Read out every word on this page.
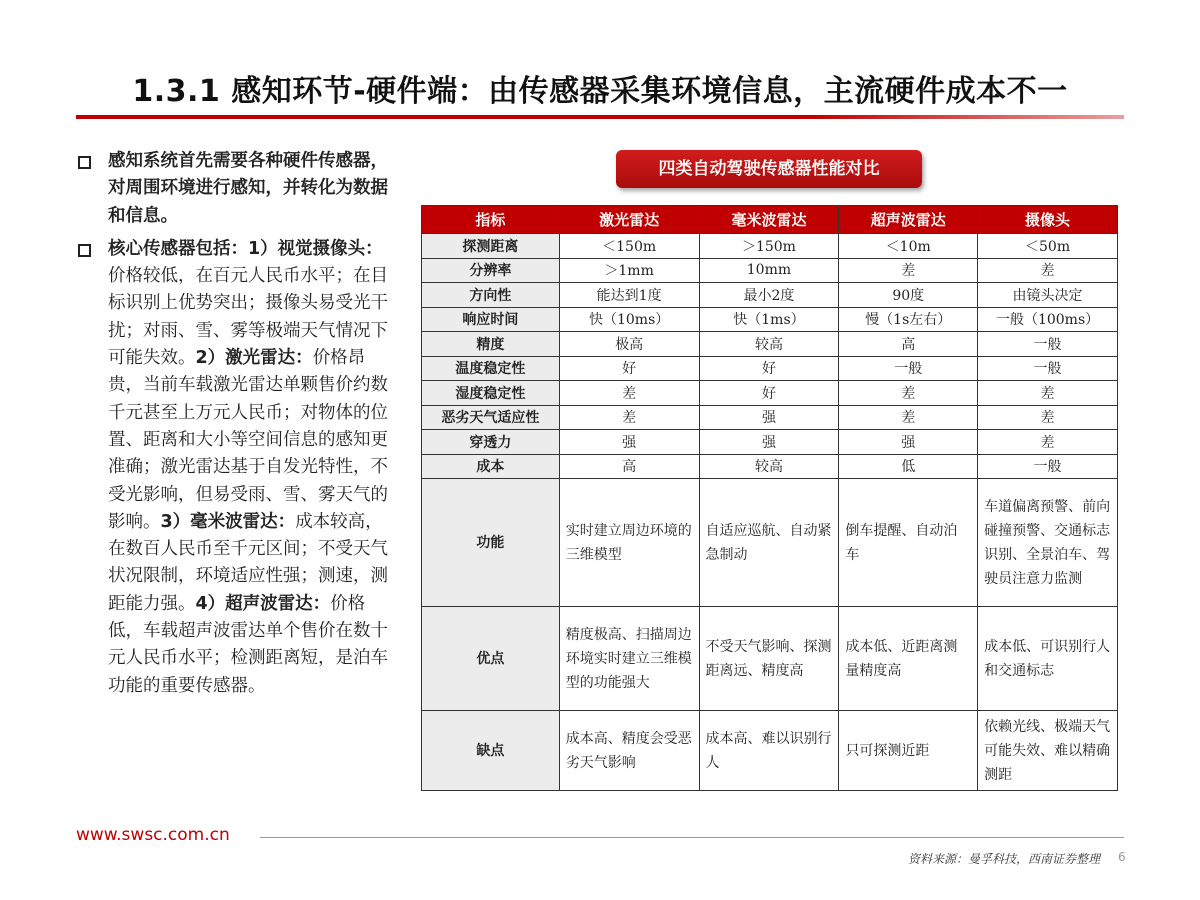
1.3.1 感知环节-硬件端：由传感器采集环境信息，主流硬件成本不一
感知系统首先需要各种硬件传感器，对周围环境进行感知，并转化为数据和信息。
核心传感器包括：1）视觉摄像头：价格较低，在百元人民币水平；在目标识别上优势突出；摄像头易受光干扰；对雨、雪、雾等极端天气情况下可能失效。2）激光雷达：价格昂贵，当前车载激光雷达单颗售价约数千元甚至上万元人民币；对物体的位置、距离和大小等空间信息的感知更准确；激光雷达基于自发光特性，不受光影响，但易受雨、雪、雾天气的影响。3）毫米波雷达：成本较高，在数百人民币至千元区间；不受天气状况限制，环境适应性强；测速，测距能力强。4）超声波雷达：价格低，车载超声波雷达单个售价在数十元人民币水平；检测距离短，是泊车功能的重要传感器。
四类自动驾驶传感器性能对比
指标	激光雷达	毫米波雷达	超声波雷达	摄像头
探测距离	＜150m	＞150m	＜10m	＜50m
分辨率	＞1mm	10mm	差	差
方向性	能达到1度	最小2度	90度	由镜头决定
响应时间	快（10ms）	快（1ms）	慢（1s左右）	一般（100ms）
精度	极高	较高	高	一般
温度稳定性	好	好	一般	一般
湿度稳定性	差	好	差	差
恶劣天气适应性	差	强	差	差
穿透力	强	强	强	差
成本	高	较高	低	一般
功能	实时建立周边环境的三维模型	自适应巡航、自动紧急制动	倒车提醒、自动泊车	车道偏离预警、前向碰撞预警、交通标志识别、全景泊车、驾驶员注意力监测
优点	精度极高、扫描周边环境实时建立三维模型的功能强大	不受天气影响、探测距离远、精度高	成本低、近距离测量精度高	成本低、可识别行人和交通标志
缺点	成本高、精度会受恶劣天气影响	成本高、难以识别行人	只可探测近距	依赖光线、极端天气可能失效、难以精确测距
www.swsc.com.cn
资料来源：曼孚科技，西南证券整理 6
